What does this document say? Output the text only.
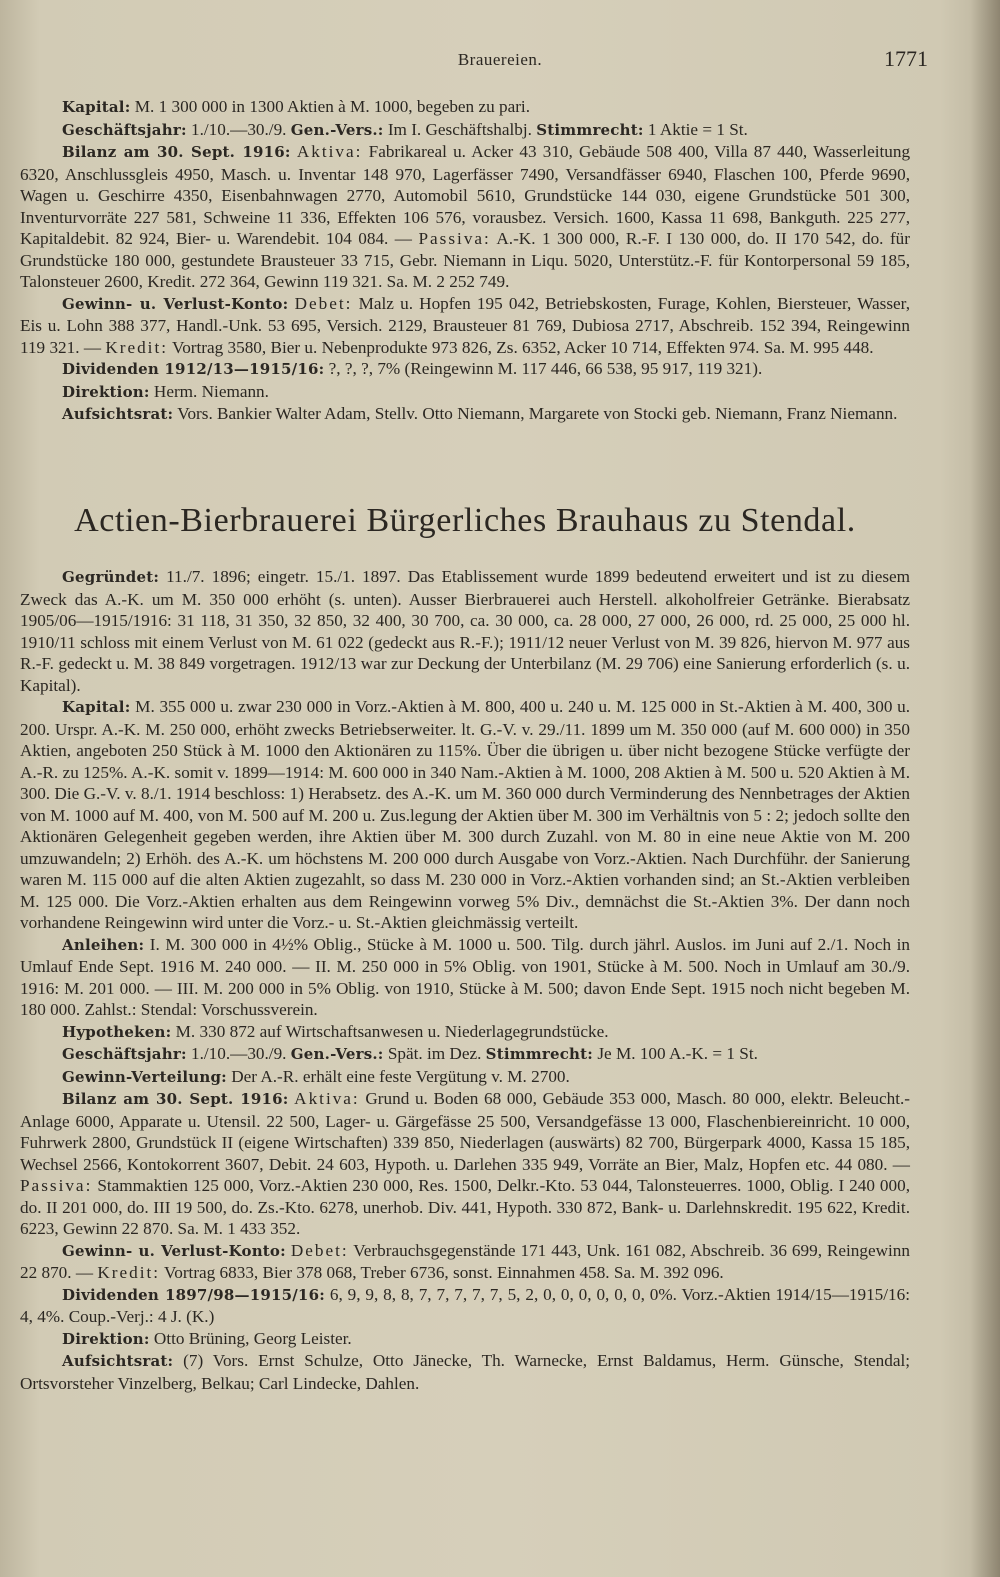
Brauereien.	1771

Kapital: M. 1 300 000 in 1300 Aktien à M. 1000, begeben zu pari.

Geschäftsjahr: 1./10.—30./9. Gen.-Vers.: Im I. Geschäftshalbj. Stimmrecht: 1 Aktie = 1 St.

Bilanz am 30. Sept. 1916: Aktiva: Fabrikareal u. Acker 43 310, Gebäude 508 400, Villa 87 440, Wasserleitung 6320, Anschlussgleis 4950, Masch. u. Inventar 148 970, Lagerfässer 7490, Versandfässer 6940, Flaschen 100, Pferde 9690, Wagen u. Geschirre 4350, Eisenbahnwagen 2770, Automobil 5610, Grundstücke 144 030, eigene Grundstücke 501 300, Inventurvorräte 227 581, Schweine 11 336, Effekten 106 576, vorausbez. Versich. 1600, Kassa 11 698, Bankguth. 225 277, Kapitaldebit. 82 924, Bier- u. Warendebit. 104 084. — Passiva: A.-K. 1 300 000, R.-F. I 130 000, do. II 170 542, do. für Grundstücke 180 000, gestundete Brausteuer 33 715, Gebr. Niemann in Liqu. 5020, Unterstütz.-F. für Kontorpersonal 59 185, Talonsteuer 2600, Kredit. 272 364, Gewinn 119 321. Sa. M. 2 252 749.

Gewinn- u. Verlust-Konto: Debet: Malz u. Hopfen 195 042, Betriebskosten, Furage, Kohlen, Biersteuer, Wasser, Eis u. Lohn 388 377, Handl.-Unk. 53 695, Versich. 2129, Brausteuer 81 769, Dubiosa 2717, Abschreib. 152 394, Reingewinn 119 321. — Kredit: Vortrag 3580, Bier u. Nebenprodukte 973 826, Zs. 6352, Acker 10 714, Effekten 974. Sa. M. 995 448.

Dividenden 1912/13—1915/16: ?, ?, ?, 7% (Reingewinn M. 117 446, 66 538, 95 917, 119 321).

Direktion: Herm. Niemann.

Aufsichtsrat: Vors. Bankier Walter Adam, Stellv. Otto Niemann, Margarete von Stocki geb. Niemann, Franz Niemann.

Actien-Bierbrauerei Bürgerliches Brauhaus zu Stendal.

Gegründet: 11./7. 1896; eingetr. 15./1. 1897. Das Etablissement wurde 1899 bedeutend erweitert und ist zu diesem Zweck das A.-K. um M. 350 000 erhöht (s. unten). Ausser Bierbrauerei auch Herstell. alkoholfreier Getränke. Bierabsatz 1905/06—1915/1916: 31 118, 31 350, 32 850, 32 400, 30 700, ca. 30 000, ca. 28 000, 27 000, 26 000, rd. 25 000, 25 000 hl. 1910/11 schloss mit einem Verlust von M. 61 022 (gedeckt aus R.-F.); 1911/12 neuer Verlust von M. 39 826, hiervon M. 977 aus R.-F. gedeckt u. M. 38 849 vorgetragen. 1912/13 war zur Deckung der Unterbilanz (M. 29 706) eine Sanierung erforderlich (s. u. Kapital).

Kapital: M. 355 000 u. zwar 230 000 in Vorz.-Aktien à M. 800, 400 u. 240 u. M. 125 000 in St.-Aktien à M. 400, 300 u. 200. Urspr. A.-K. M. 250 000, erhöht zwecks Betriebserweiter. lt. G.-V. v. 29./11. 1899 um M. 350 000 (auf M. 600 000) in 350 Aktien, angeboten 250 Stück à M. 1000 den Aktionären zu 115%. Über die übrigen u. über nicht bezogene Stücke verfügte der A.-R. zu 125%. A.-K. somit v. 1899—1914: M. 600 000 in 340 Nam.-Aktien à M. 1000, 208 Aktien à M. 500 u. 520 Aktien à M. 300. Die G.-V. v. 8./1. 1914 beschloss: 1) Herabsetz. des A.-K. um M. 360 000 durch Verminderung des Nennbetrages der Aktien von M. 1000 auf M. 400, von M. 500 auf M. 200 u. Zus.legung der Aktien über M. 300 im Verhältnis von 5 : 2; jedoch sollte den Aktionären Gelegenheit gegeben werden, ihre Aktien über M. 300 durch Zuzahl. von M. 80 in eine neue Aktie von M. 200 umzuwandeln; 2) Erhöh. des A.-K. um höchstens M. 200 000 durch Ausgabe von Vorz.-Aktien. Nach Durchführ. der Sanierung waren M. 115 000 auf die alten Aktien zugezahlt, so dass M. 230 000 in Vorz.-Aktien vorhanden sind; an St.-Aktien verbleiben M. 125 000. Die Vorz.-Aktien erhalten aus dem Reingewinn vorweg 5% Div., demnächst die St.-Aktien 3%. Der dann noch vorhandene Reingewinn wird unter die Vorz.- u. St.-Aktien gleichmässig verteilt.

Anleihen: I. M. 300 000 in 4½% Oblig., Stücke à M. 1000 u. 500. Tilg. durch jährl. Auslos. im Juni auf 2./1. Noch in Umlauf Ende Sept. 1916 M. 240 000. — II. M. 250 000 in 5% Oblig. von 1901, Stücke à M. 500. Noch in Umlauf am 30./9. 1916: M. 201 000. — III. M. 200 000 in 5% Oblig. von 1910, Stücke à M. 500; davon Ende Sept. 1915 noch nicht begeben M. 180 000. Zahlst.: Stendal: Vorschussverein.

Hypotheken: M. 330 872 auf Wirtschaftsanwesen u. Niederlagegrundstücke.

Geschäftsjahr: 1./10.—30./9. Gen.-Vers.: Spät. im Dez. Stimmrecht: Je M. 100 A.-K. = 1 St.

Gewinn-Verteilung: Der A.-R. erhält eine feste Vergütung v. M. 2700.

Bilanz am 30. Sept. 1916: Aktiva: Grund u. Boden 68 000, Gebäude 353 000, Masch. 80 000, elektr. Beleucht.-Anlage 6000, Apparate u. Utensil. 22 500, Lager- u. Gärgefässe 25 500, Versandgefässe 13 000, Flaschenbiereinricht. 10 000, Fuhrwerk 2800, Grundstück II (eigene Wirtschaften) 339 850, Niederlagen (auswärts) 82 700, Bürgerpark 4000, Kassa 15 185, Wechsel 2566, Kontokorrent 3607, Debit. 24 603, Hypoth. u. Darlehen 335 949, Vorräte an Bier, Malz, Hopfen etc. 44 080. — Passiva: Stammaktien 125 000, Vorz.-Aktien 230 000, Res. 1500, Delkr.-Kto. 53 044, Talonsteuerres. 1000, Oblig. I 240 000, do. II 201 000, do. III 19 500, do. Zs.-Kto. 6278, unerhob. Div. 441, Hypoth. 330 872, Bank- u. Darlehnskredit. 195 622, Kredit. 6223, Gewinn 22 870. Sa. M. 1 433 352.

Gewinn- u. Verlust-Konto: Debet: Verbrauchsgegenstände 171 443, Unk. 161 082, Abschreib. 36 699, Reingewinn 22 870. — Kredit: Vortrag 6833, Bier 378 068, Treber 6736, sonst. Einnahmen 458. Sa. M. 392 096.

Dividenden 1897/98—1915/16: 6, 9, 9, 8, 8, 7, 7, 7, 7, 7, 5, 2, 0, 0, 0, 0, 0, 0, 0%. Vorz.-Aktien 1914/15—1915/16: 4, 4%. Coup.-Verj.: 4 J. (K.)

Direktion: Otto Brüning, Georg Leister.

Aufsichtsrat: (7) Vors. Ernst Schulze, Otto Jänecke, Th. Warnecke, Ernst Baldamus, Herm. Günsche, Stendal; Ortsvorsteher Vinzelberg, Belkau; Carl Lindecke, Dahlen.
